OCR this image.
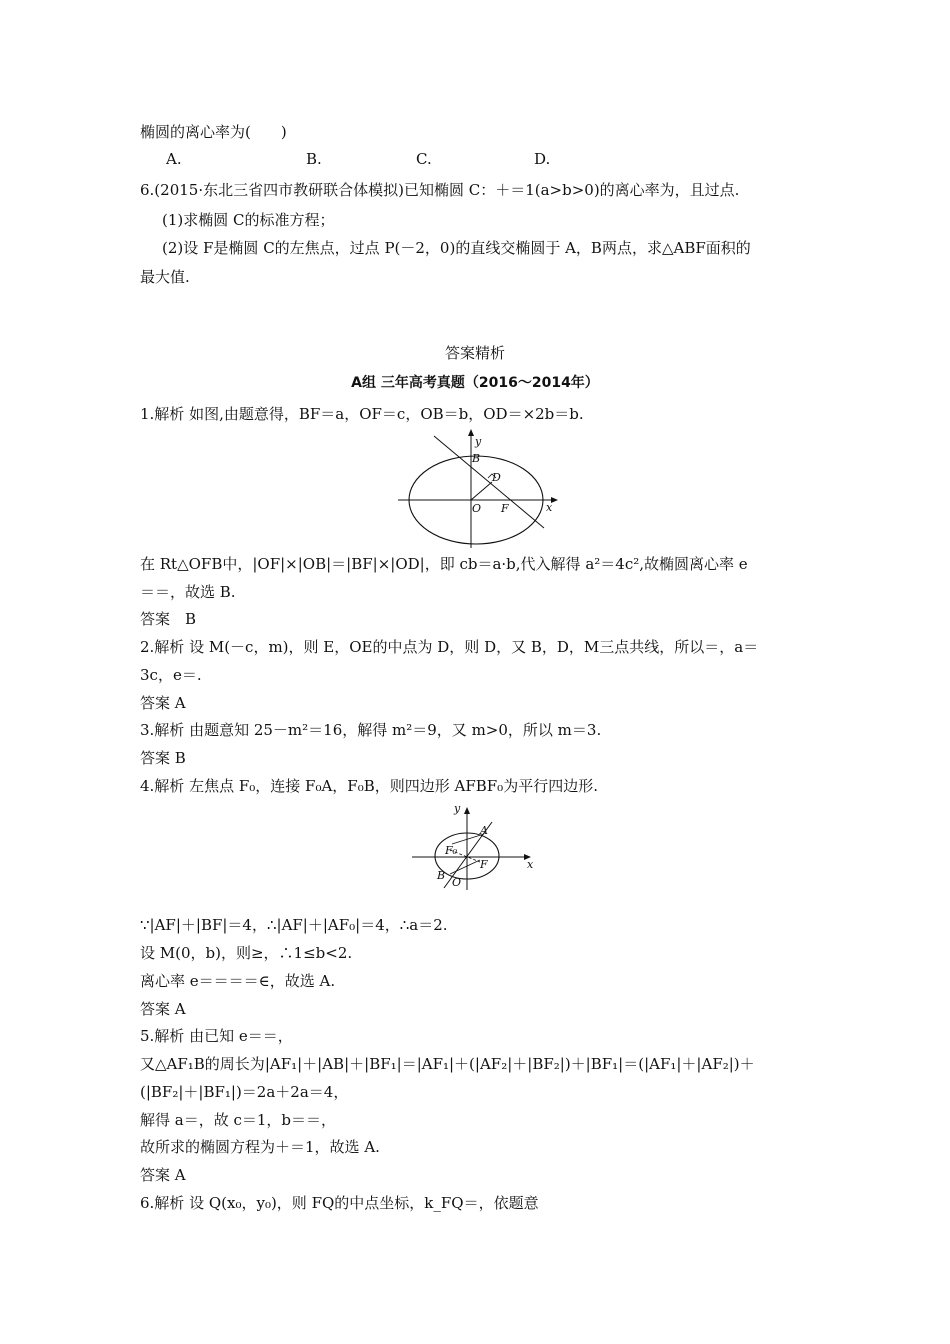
椭圆的离心率为(　　)
A.	B.	C.	D.
6.(2015·东北三省四市教研联合体模拟)已知椭圆 C：＋＝1(a>b>0)的离心率为，且过点.
(1)求椭圆 C的标准方程；
(2)设 F是椭圆 C的左焦点，过点 P(－2，0)的直线交椭圆于 A，B两点，求△ABF面积的
最大值.
答案精析
A组 三年高考真题（2016～2014年）
1.解析 如图,由题意得，BF＝a，OF＝c，OB＝b，OD＝×2b＝b.
y
B
D
O F	x
在 Rt△OFB中，|OF|×|OB|＝|BF|×|OD|，即 cb＝a·b,代入解得 a²＝4c²,故椭圆离心率 e
＝＝，故选 B.
答案　B
2.解析 设 M(－c，m)，则 E，OE的中点为 D，则 D，又 B，D，M三点共线，所以＝，a＝
3c，e＝.
答案 A
3.解析 由题意知 25－m²＝16，解得 m²＝9，又 m>0，所以 m＝3.
答案 B
4.解析 左焦点 F₀，连接 F₀A，F₀B，则四边形 AFBF₀为平行四边形.
y
A
F₀
F
B
O
x
∵|AF|＋|BF|＝4，∴|AF|＋|AF₀|＝4，∴a＝2.
设 M(0，b)，则≥，∴1≤b<2.
离心率 e＝＝＝＝∈，故选 A.
答案 A
5.解析 由已知 e＝＝，
又△AF₁B的周长为|AF₁|＋|AB|＋|BF₁|＝|AF₁|＋(|AF₂|＋|BF₂|)＋|BF₁|＝(|AF₁|＋|AF₂|)＋
(|BF₂|＋|BF₁|)＝2a＋2a＝4，
解得 a＝，故 c＝1，b＝＝，
故所求的椭圆方程为＋＝1，故选 A.
答案 A
6.解析 设 Q(x₀，y₀)，则 FQ的中点坐标，k_FQ＝，依题意
